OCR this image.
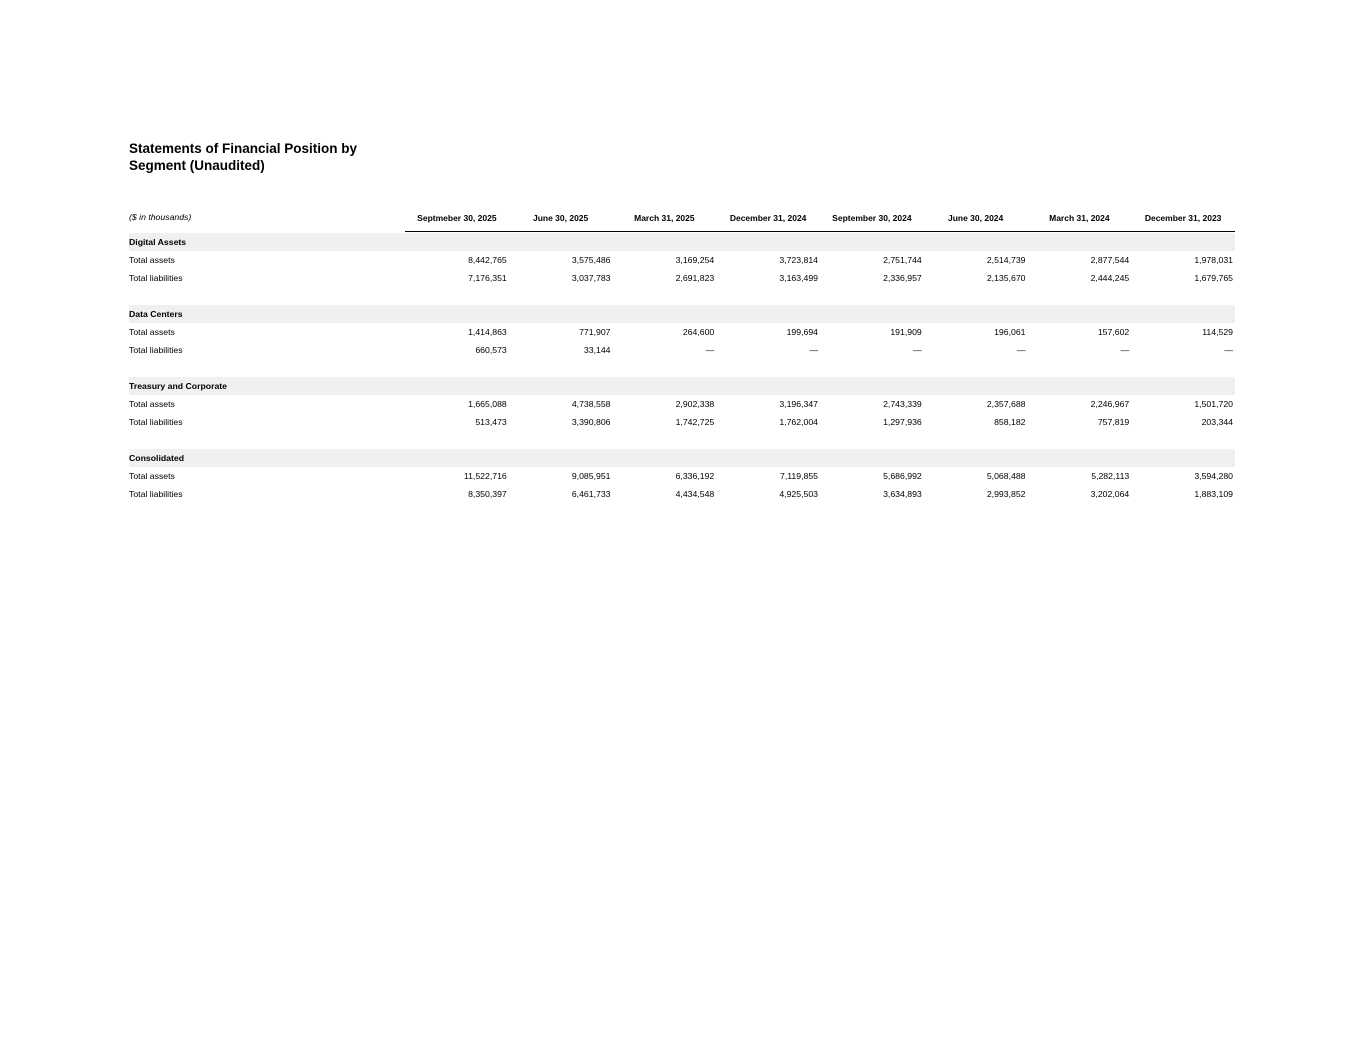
Statements of Financial Position by Segment (Unaudited)
($ in thousands)	Septmeber 30, 2025	June 30, 2025	March 31, 2025	December 31, 2024	September 30, 2024	June 30, 2024	March 31, 2024	December 31, 2023
Digital Assets
Total assets	8,442,765	3,575,486	3,169,254	3,723,814	2,751,744	2,514,739	2,877,544	1,978,031
Total liabilities	7,176,351	3,037,783	2,691,823	3,163,499	2,336,957	2,135,670	2,444,245	1,679,765
Data Centers
Total assets	1,414,863	771,907	264,600	199,694	191,909	196,061	157,602	114,529
Total liabilities	660,573	33,144	—	—	—	—	—	—
Treasury and Corporate
Total assets	1,665,088	4,738,558	2,902,338	3,196,347	2,743,339	2,357,688	2,246,967	1,501,720
Total liabilities	513,473	3,390,806	1,742,725	1,762,004	1,297,936	858,182	757,819	203,344
Consolidated
Total assets	11,522,716	9,085,951	6,336,192	7,119,855	5,686,992	5,068,488	5,282,113	3,594,280
Total liabilities	8,350,397	6,461,733	4,434,548	4,925,503	3,634,893	2,993,852	3,202,064	1,883,109
